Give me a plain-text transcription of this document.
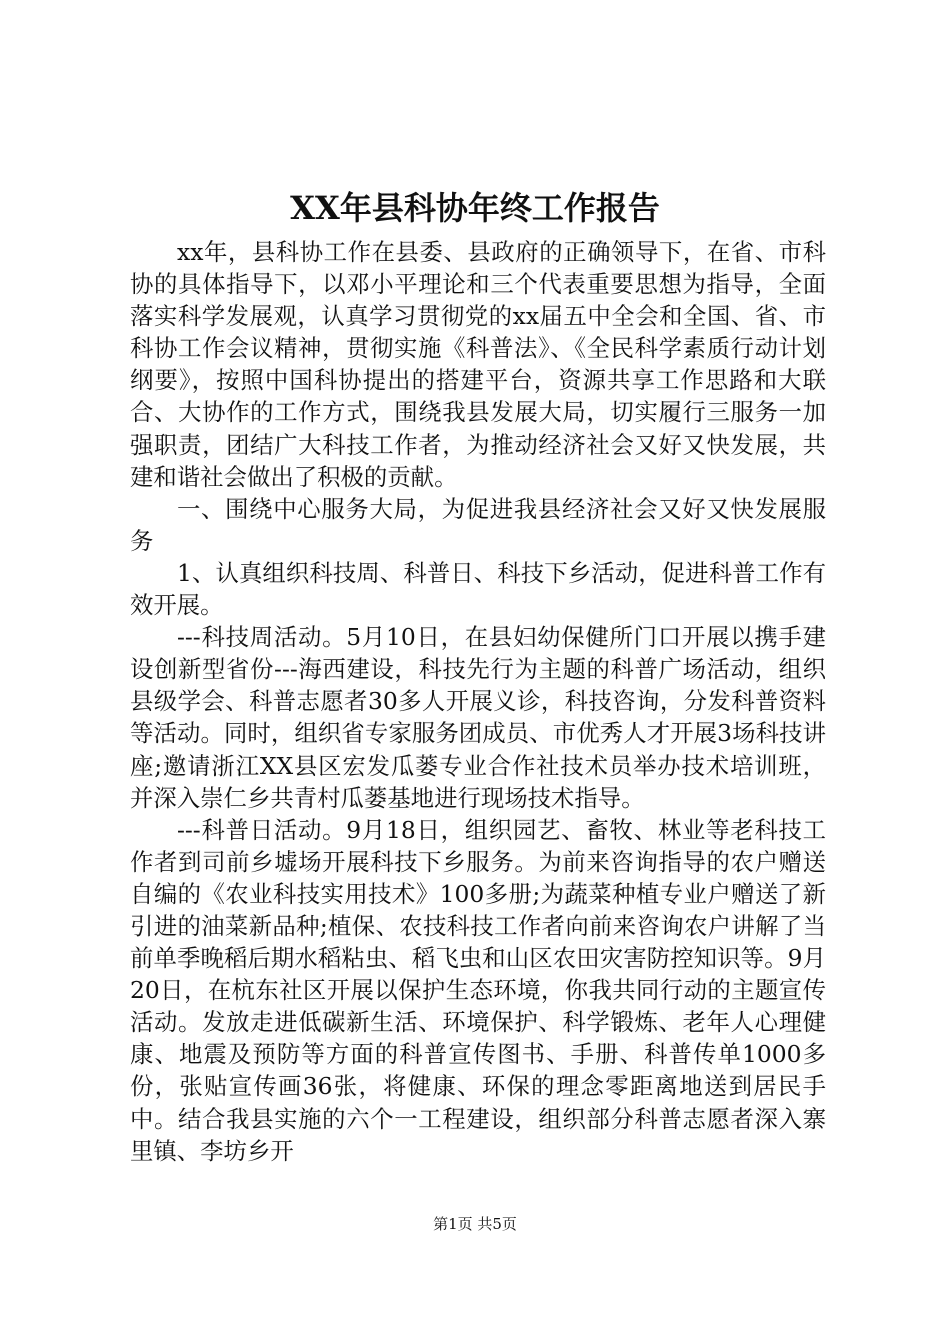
XX年县科协年终工作报告

xx年，县科协工作在县委、县政府的正确领导下，在省、市科协的具体指导下，以邓小平理论和三个代表重要思想为指导，全面落实科学发展观，认真学习贯彻党的xx届五中全会和全国、省、市科协工作会议精神，贯彻实施《科普法》、《全民科学素质行动计划纲要》，按照中国科协提出的搭建平台，资源共享工作思路和大联合、大协作的工作方式，围绕我县发展大局，切实履行三服务一加强职责，团结广大科技工作者，为推动经济社会又好又快发展，共建和谐社会做出了积极的贡献。

一、围绕中心服务大局，为促进我县经济社会又好又快发展服务

1、认真组织科技周、科普日、科技下乡活动，促进科普工作有效开展。

---科技周活动。5月10日，在县妇幼保健所门口开展以携手建设创新型省份---海西建设，科技先行为主题的科普广场活动，组织县级学会、科普志愿者30多人开展义诊，科技咨询，分发科普资料等活动。同时，组织省专家服务团成员、市优秀人才开展3场科技讲座;邀请浙江XX县区宏发瓜蒌专业合作社技术员举办技术培训班，并深入崇仁乡共青村瓜蒌基地进行现场技术指导。

---科普日活动。9月18日，组织园艺、畜牧、林业等老科技工作者到司前乡墟场开展科技下乡服务。为前来咨询指导的农户赠送自编的《农业科技实用技术》100多册;为蔬菜种植专业户赠送了新引进的油菜新品种;植保、农技科技工作者向前来咨询农户讲解了当前单季晚稻后期水稻粘虫、稻飞虫和山区农田灾害防控知识等。9月20日，在杭东社区开展以保护生态环境，你我共同行动的主题宣传活动。发放走进低碳新生活、环境保护、科学锻炼、老年人心理健康、地震及预防等方面的科普宣传图书、手册、科普传单1000多份，张贴宣传画36张，将健康、环保的理念零距离地送到居民手中。结合我县实施的六个一工程建设，组织部分科普志愿者深入寨里镇、李坊乡开

第1页 共5页
